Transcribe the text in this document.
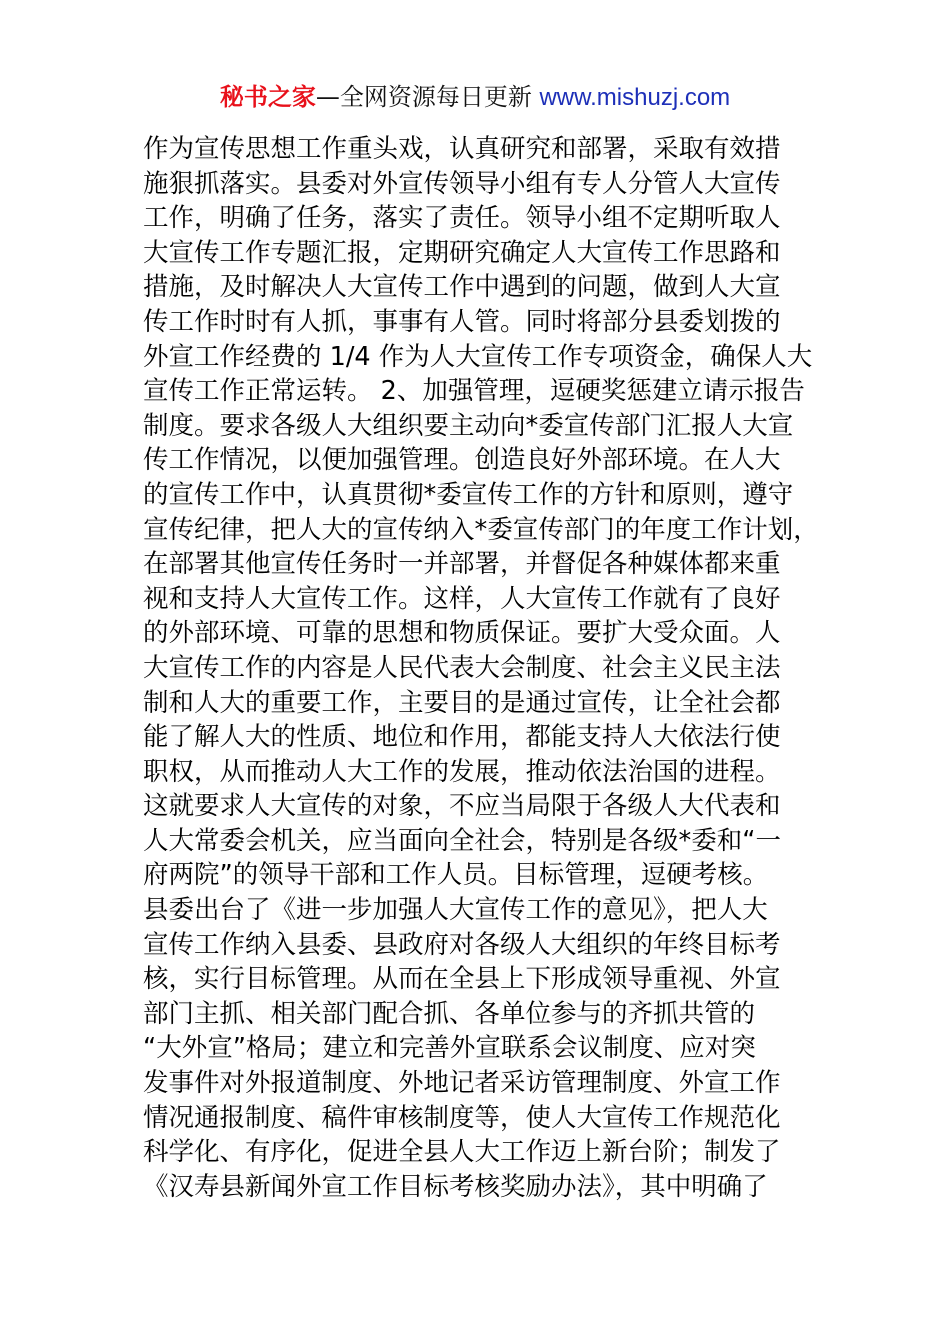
秘书之家—全网资源每日更新 www.mishuzj.com
作为宣传思想工作重头戏，认真研究和部署，采取有效措
施狠抓落实。县委对外宣传领导小组有专人分管人大宣传
工作，明确了任务，落实了责任。领导小组不定期听取人
大宣传工作专题汇报，定期研究确定人大宣传工作思路和
措施，及时解决人大宣传工作中遇到的问题，做到人大宣
传工作时时有人抓，事事有人管。同时将部分县委划拨的
外宣工作经费的 1/4 作为人大宣传工作专项资金，确保人大
宣传工作正常运转。 2、加强管理，逗硬奖惩建立请示报告
制度。要求各级人大组织要主动向*委宣传部门汇报人大宣
传工作情况，以便加强管理。创造良好外部环境。在人大
的宣传工作中，认真贯彻*委宣传工作的方针和原则，遵守
宣传纪律，把人大的宣传纳入*委宣传部门的年度工作计划，
在部署其他宣传任务时一并部署，并督促各种媒体都来重
视和支持人大宣传工作。这样，人大宣传工作就有了良好
的外部环境、可靠的思想和物质保证。要扩大受众面。人
大宣传工作的内容是人民代表大会制度、社会主义民主法
制和人大的重要工作，主要目的是通过宣传，让全社会都
能了解人大的性质、地位和作用，都能支持人大依法行使
职权，从而推动人大工作的发展，推动依法治国的进程。
这就要求人大宣传的对象，不应当局限于各级人大代表和
人大常委会机关，应当面向全社会，特别是各级*委和“一
府两院”的领导干部和工作人员。目标管理，逗硬考核。
县委出台了《进一步加强人大宣传工作的意见》，把人大
宣传工作纳入县委、县政府对各级人大组织的年终目标考
核，实行目标管理。从而在全县上下形成领导重视、外宣
部门主抓、相关部门配合抓、各单位参与的齐抓共管的
“大外宣”格局；建立和完善外宣联系会议制度、应对突
发事件对外报道制度、外地记者采访管理制度、外宣工作
情况通报制度、稿件审核制度等，使人大宣传工作规范化
科学化、有序化，促进全县人大工作迈上新台阶；制发了
《汉寿县新闻外宣工作目标考核奖励办法》，其中明确了
